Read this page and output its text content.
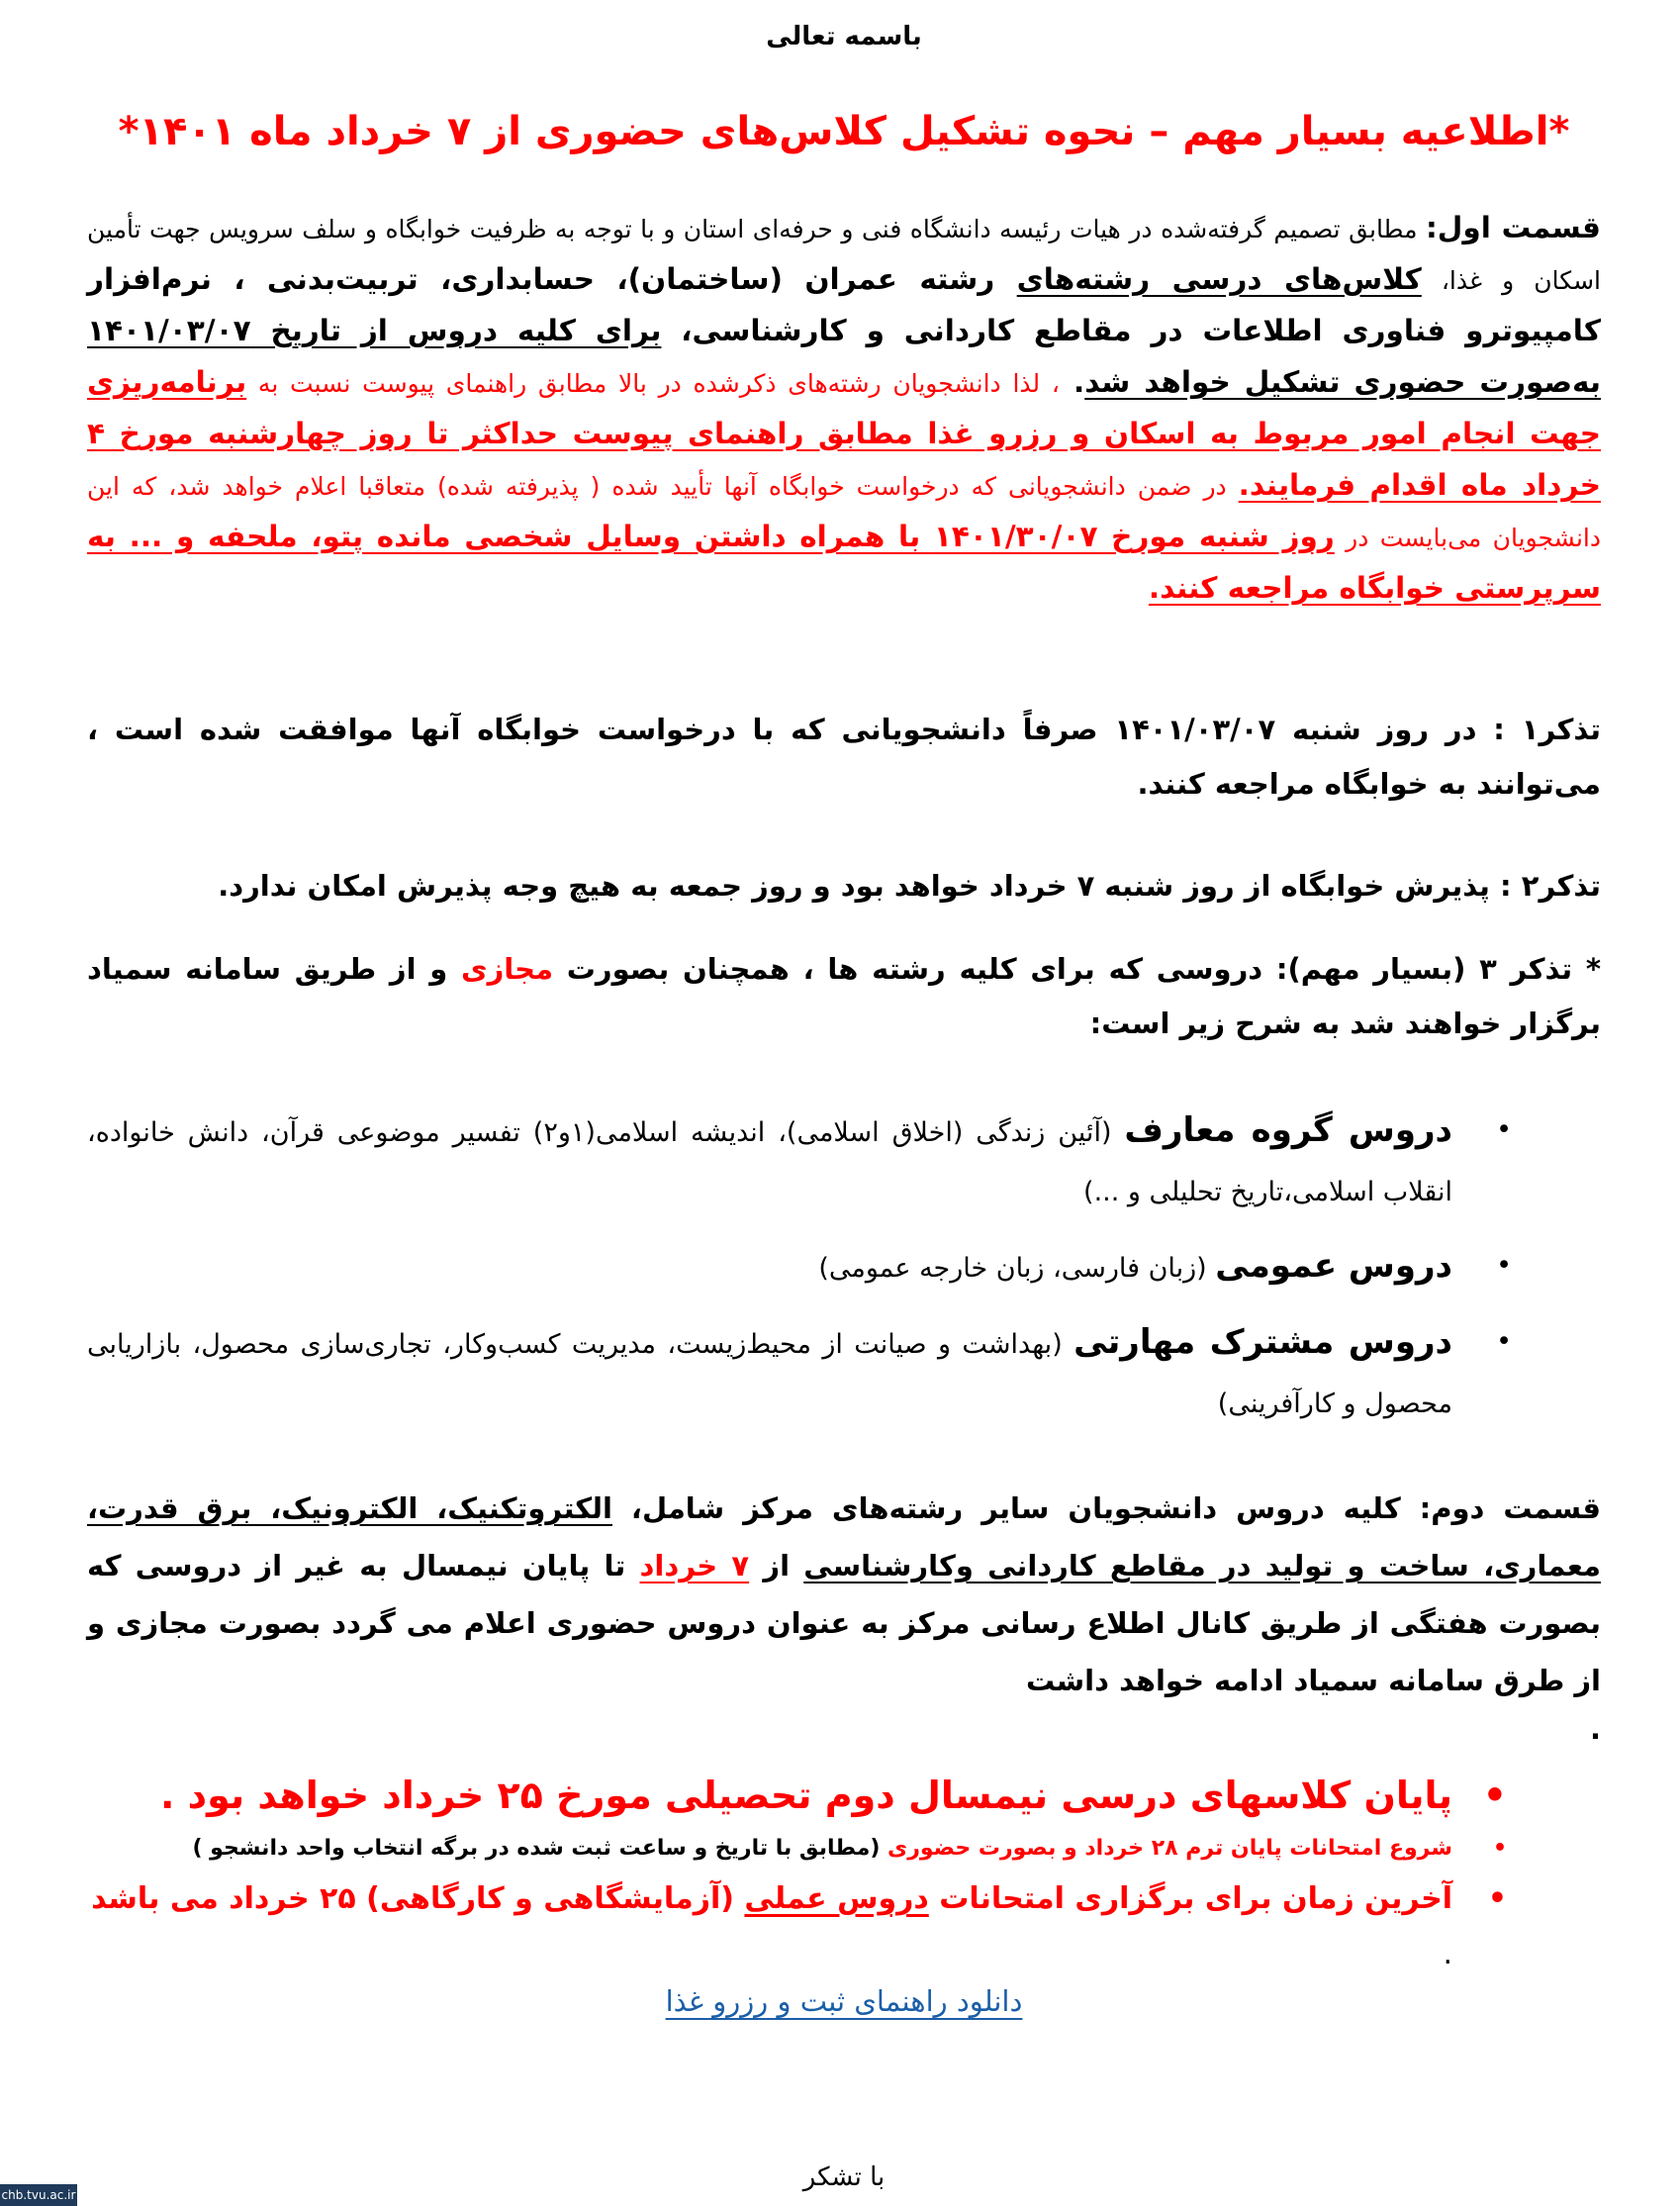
باسمه تعالی
*اطلاعیه بسیار مهم – نحوه تشکیل کلاس‌های حضوری از ۷ خرداد ماه ۱۴۰۱*
قسمت اول: مطابق تصمیم گرفته‌شده در هیات رئیسه دانشگاه فنی و حرفه‌ای استان و با توجه به ظرفیت خوابگاه و سلف سرویس جهت تأمین اسکان و غذا، کلاس‌های درسی رشته‌های رشته عمران (ساختمان)، حسابداری، تربیت‌بدنی ، نرم‌افزار کامپیوترو فناوری اطلاعات در مقاطع کاردانی و کارشناسی، برای کلیه دروس از تاریخ ۱۴۰۱/۰۳/۰۷ به‌صورت حضوری تشکیل خواهد شد. ، لذا دانشجویان رشته‌های ذکرشده در بالا مطابق راهنمای پیوست نسبت به برنامه‌ریزی جهت انجام امور مربوط به اسکان و رزرو غذا مطابق راهنمای پیوست حداکثر تا روز چهارشنبه مورخ ۴ خرداد ماه اقدام فرمایند. در ضمن دانشجویانی که درخواست خوابگاه آنها تأیید شده ( پذیرفته شده) متعاقبا اعلام خواهد شد، که این دانشجویان می‌بایست در روز شنبه مورخ ۱۴۰۱/۳۰/۰۷ با همراه داشتن وسایل شخصی مانده پتو، ملحفه و ... به سرپرستی خوابگاه مراجعه کنند.
تذکر۱ : در روز شنبه ۱۴۰۱/۰۳/۰۷ صرفاً دانشجویانی که با درخواست خوابگاه آنها موافقت شده است ، می‌توانند به خوابگاه مراجعه کنند.
تذکر۲ : پذیرش خوابگاه از روز شنبه ۷ خرداد خواهد بود و روز جمعه به هیچ وجه پذیرش امکان ندارد.
* تذکر ۳ (بسیار مهم): دروسی که برای کلیه رشته ها ، همچنان بصورت مجازی و از طریق سامانه سمیاد برگزار خواهند شد به شرح زیر است:
•
دروس گروه معارف (آئین زندگی (اخلاق اسلامی)، اندیشه اسلامی(۱و۲) تفسیر موضوعی قرآن، دانش خانواده، انقلاب اسلامی،تاریخ تحلیلی و ...)
•
دروس عمومی (زبان فارسی، زبان خارجه عمومی)
•
دروس مشترک مهارتی (بهداشت و صیانت از محیط‌زیست، مدیریت کسب‌وکار، تجاری‌سازی محصول، بازاریابی محصول و کارآفرینی)
قسمت دوم: کلیه دروس دانشجویان سایر رشته‌های مرکز شامل، الکتروتکنیک، الکترونیک، برق قدرت، معماری، ساخت و تولید در مقاطع کاردانی وکارشناسی از ۷ خرداد تا پایان نیمسال به غیر از دروسی که بصورت هفتگی از طریق کانال اطلاع رسانی مرکز به عنوان دروس حضوری اعلام می گردد بصورت مجازی و از طرق سامانه سمیاد ادامه خواهد داشت
.
•
پایان کلاسهای درسی نیمسال دوم تحصیلی مورخ ۲۵ خرداد خواهد بود .
•
شروع امتحانات پایان ترم ۲۸ خرداد و بصورت حضوری (مطابق با تاریخ و ساعت ثبت شده در برگه انتخاب واحد دانشجو )
•
آخرین زمان برای برگزاری امتحانات دروس عملی (آزمایشگاهی و کارگاهی) ۲۵ خرداد می باشد .
دانلود راهنمای ثبت و رزرو غذا
با تشکر
chb.tvu.ac.ir
